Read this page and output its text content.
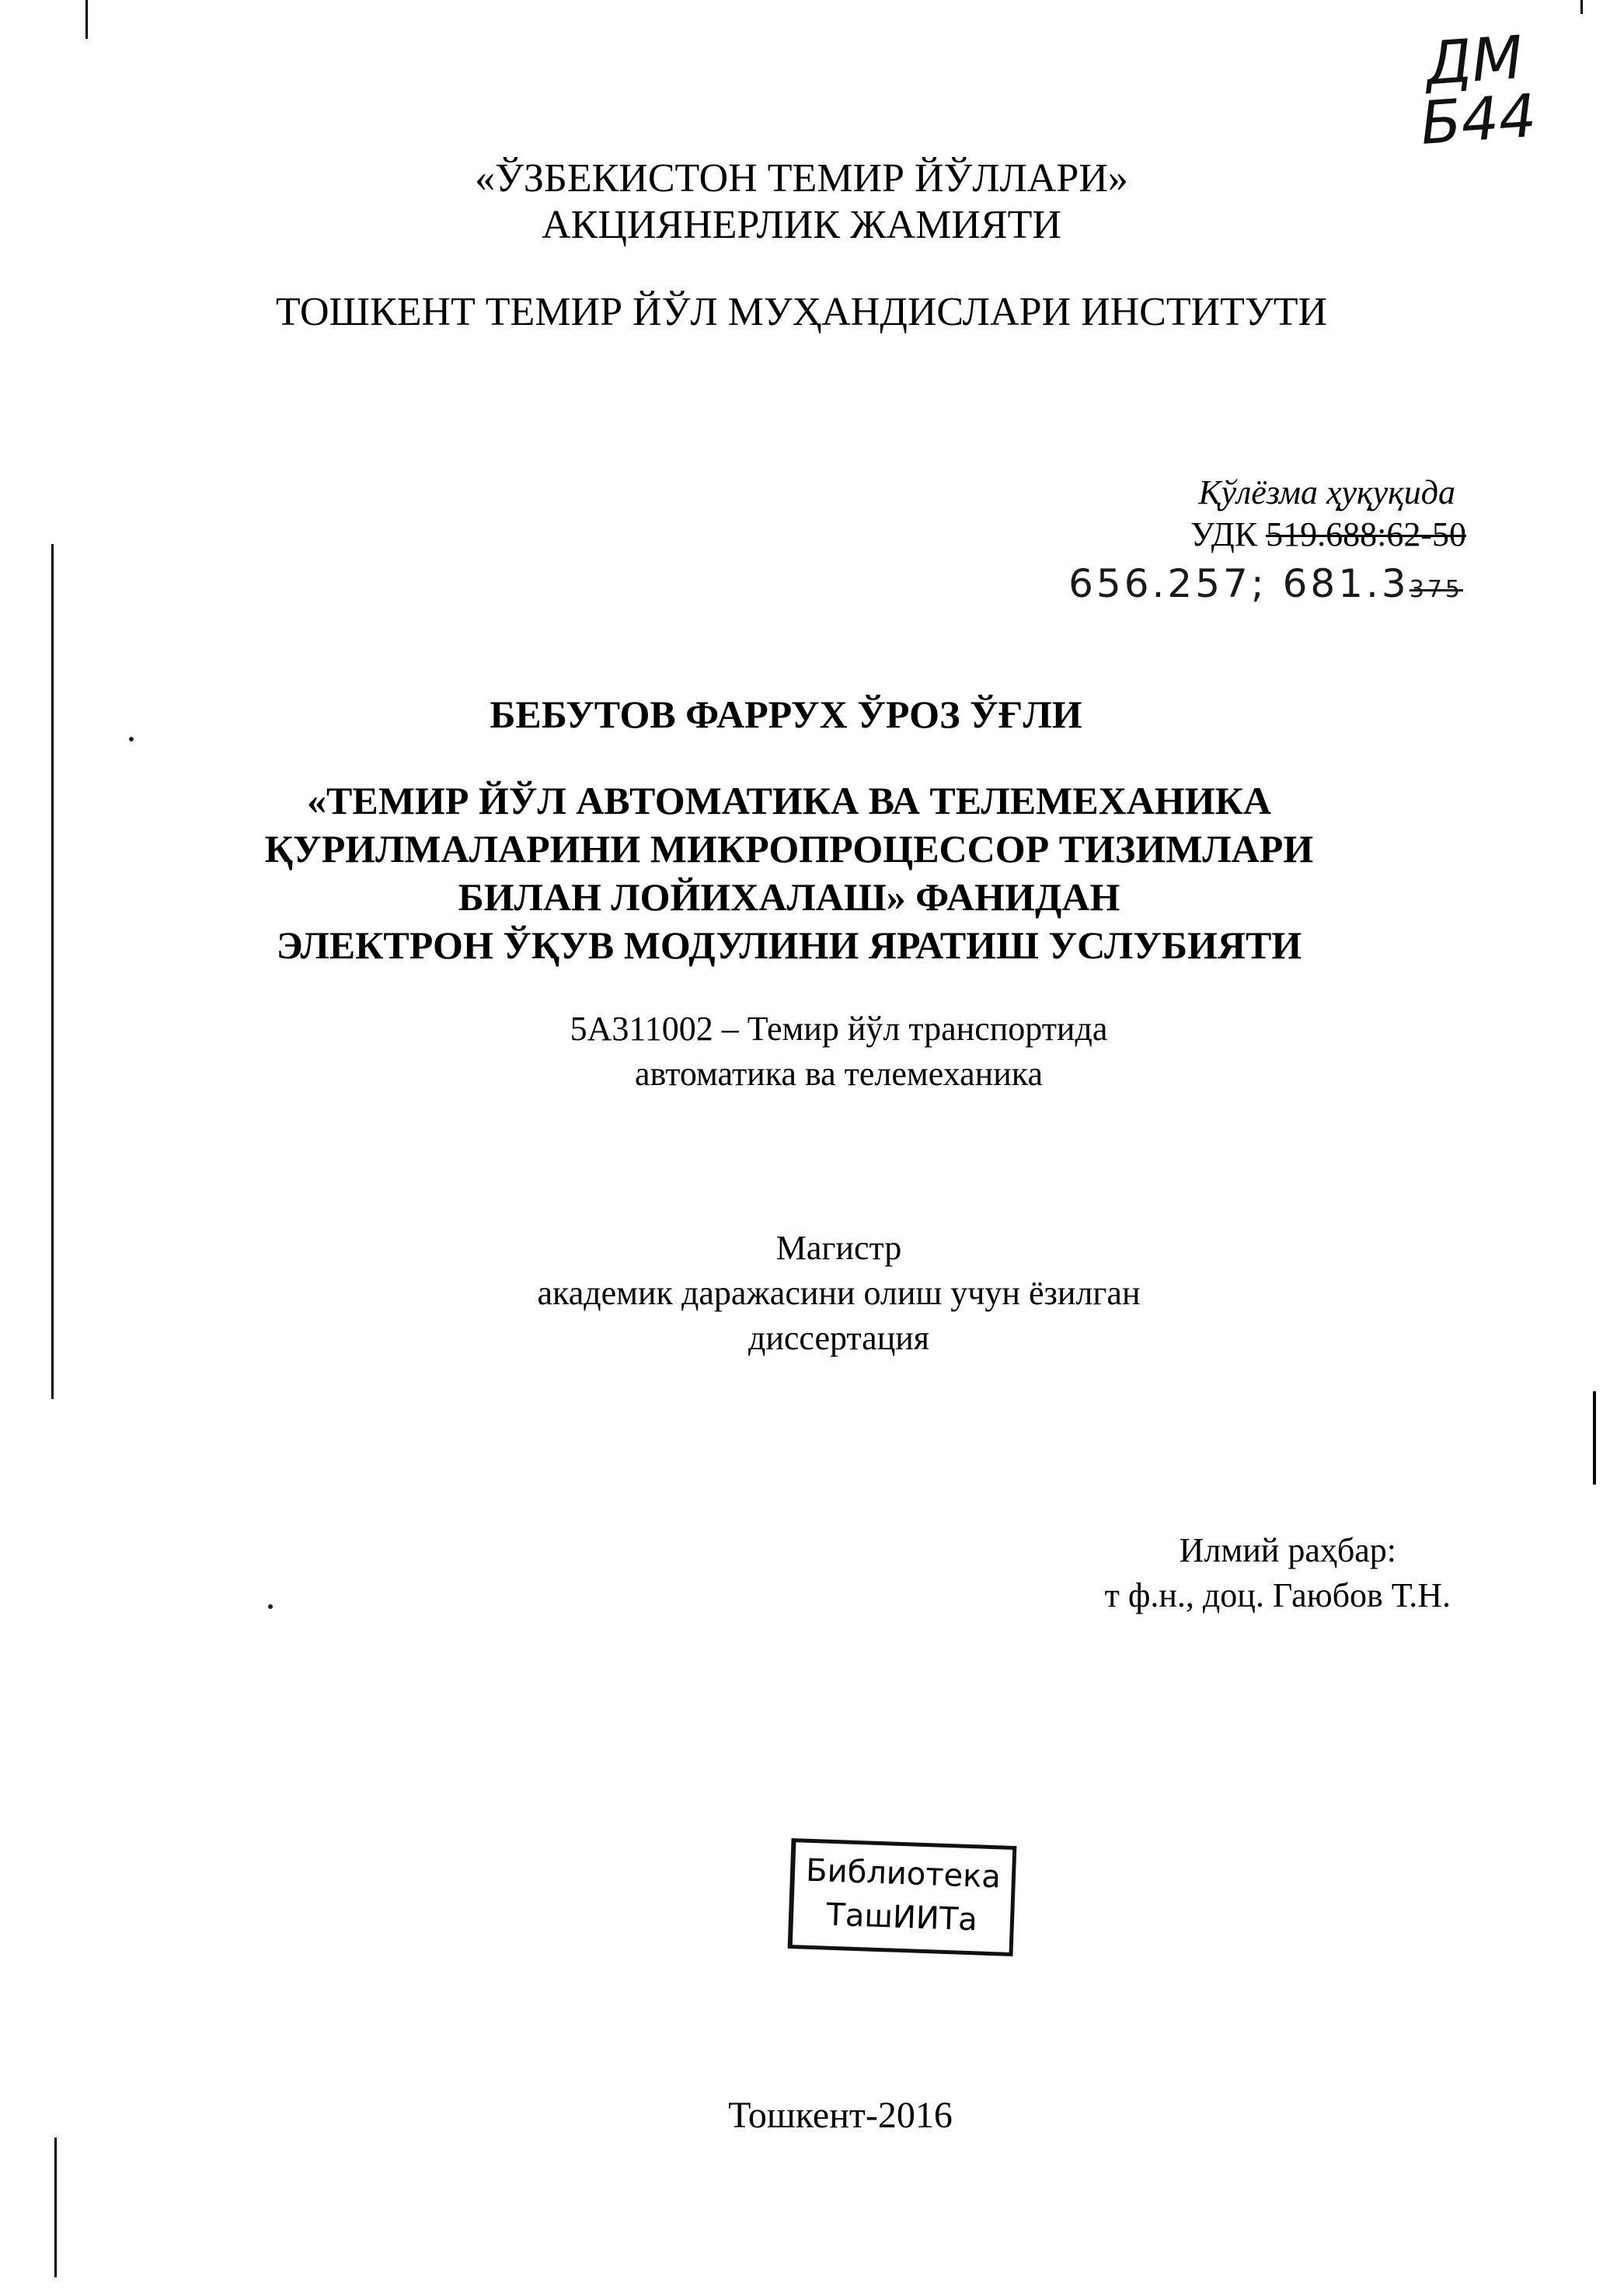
ДМ
Б44
«ЎЗБЕКИСТОН ТЕМИР ЙЎЛЛАРИ»
АКЦИЯНЕРЛИК ЖАМИЯТИ
ТОШКЕНТ ТЕМИР ЙЎЛ МУҲАНДИСЛАРИ ИНСТИТУТИ
Қўлёзма ҳуқуқида
УДК 519.688:62-50
656.257; 681.3375
БЕБУТОВ ФАРРУХ ЎРОЗ ЎҒЛИ
«ТЕМИР ЙЎЛ АВТОМАТИКА ВА ТЕЛЕМЕХАНИКА
ҚУРИЛМАЛАРИНИ МИКРОПРОЦЕССОР ТИЗИМЛАРИ
БИЛАН ЛОЙИХАЛАШ» ФАНИДАН
ЭЛЕКТРОН ЎҚУВ МОДУЛИНИ ЯРАТИШ УСЛУБИЯТИ
5А311002 – Темир йўл транспортида
автоматика ва телемеханика
Магистр
академик даражасини олиш учун ёзилган
диссертация
Илмий раҳбар:
т ф.н., доц. Гаюбов Т.Н.
Библиотека
ТашИИТа
Тошкент-2016
